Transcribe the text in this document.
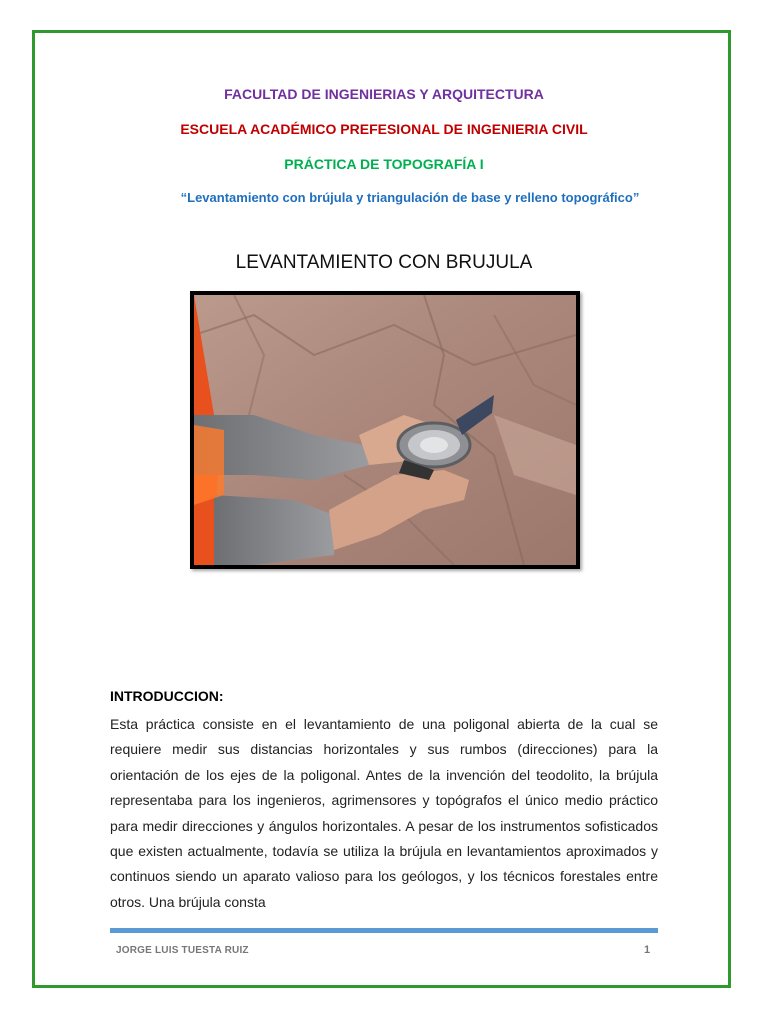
FACULTAD DE INGENIERIAS Y ARQUITECTURA
ESCUELA ACADÉMICO PREFESIONAL DE INGENIERIA CIVIL
PRÁCTICA DE TOPOGRAFÍA I
“Levantamiento con brújula y triangulación de base y relleno topográfico”
LEVANTAMIENTO CON BRUJULA
INTRODUCCION:

Esta práctica consiste en el levantamiento de una poligonal abierta de la cual se requiere medir sus distancias horizontales y sus rumbos (direcciones) para la orientación de los ejes de la poligonal. Antes de la invención del teodolito, la brújula representaba para los ingenieros, agrimensores y topógrafos el único medio práctico para medir direcciones y ángulos horizontales. A pesar de los instrumentos sofisticados que existen actualmente, todavía se utiliza la brújula en levantamientos aproximados y continuos siendo un aparato valioso para los geólogos, y los técnicos forestales entre otros. Una brújula consta

JORGE LUIS TUESTA RUIZ	1
